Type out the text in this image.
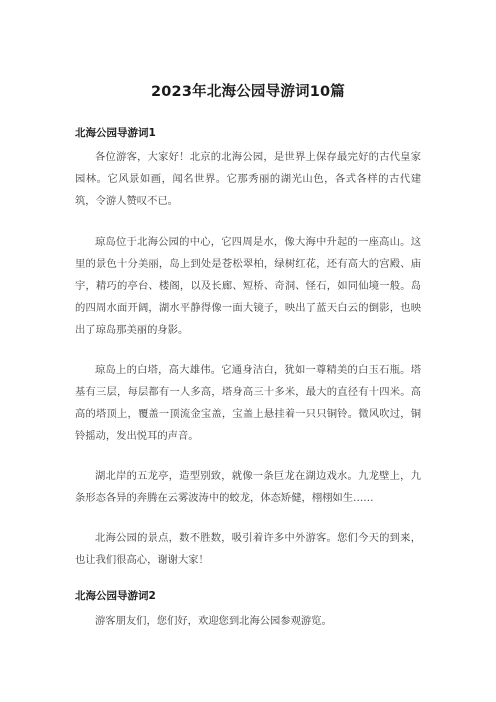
2023年北海公园导游词10篇
北海公园导游词1
各位游客，大家好！北京的北海公园，是世界上保存最完好的古代皇家园林。它风景如画，闻名世界。它那秀丽的湖光山色，各式各样的古代建筑，令游人赞叹不已。
琼岛位于北海公园的中心，它四周是水，像大海中升起的一座高山。这里的景色十分美丽，岛上到处是苍松翠柏，绿树红花，还有高大的宫殿、庙宇，精巧的亭台、楼阁，以及长廊、短桥、奇洞、怪石，如同仙境一般。岛的四周水面开阔，湖水平静得像一面大镜子，映出了蓝天白云的倒影，也映出了琼岛那美丽的身影。
琼岛上的白塔，高大雄伟。它通身洁白，犹如一尊精美的白玉石瓶。塔基有三层，每层都有一人多高，塔身高三十多米，最大的直径有十四米。高高的塔顶上，覆盖一顶流金宝盖，宝盖上悬挂着一只只铜铃。微风吹过，铜铃摇动，发出悦耳的声音。
湖北岸的五龙亭，造型别致，就像一条巨龙在湖边戏水。九龙壁上，九条形态各异的奔腾在云雾波涛中的蛟龙，体态矫健，栩栩如生……
北海公园的景点，数不胜数，吸引着许多中外游客。您们今天的到来，也让我们很高心，谢谢大家！
北海公园导游词2
游客朋友们，您们好，欢迎您到北海公园参观游览。
